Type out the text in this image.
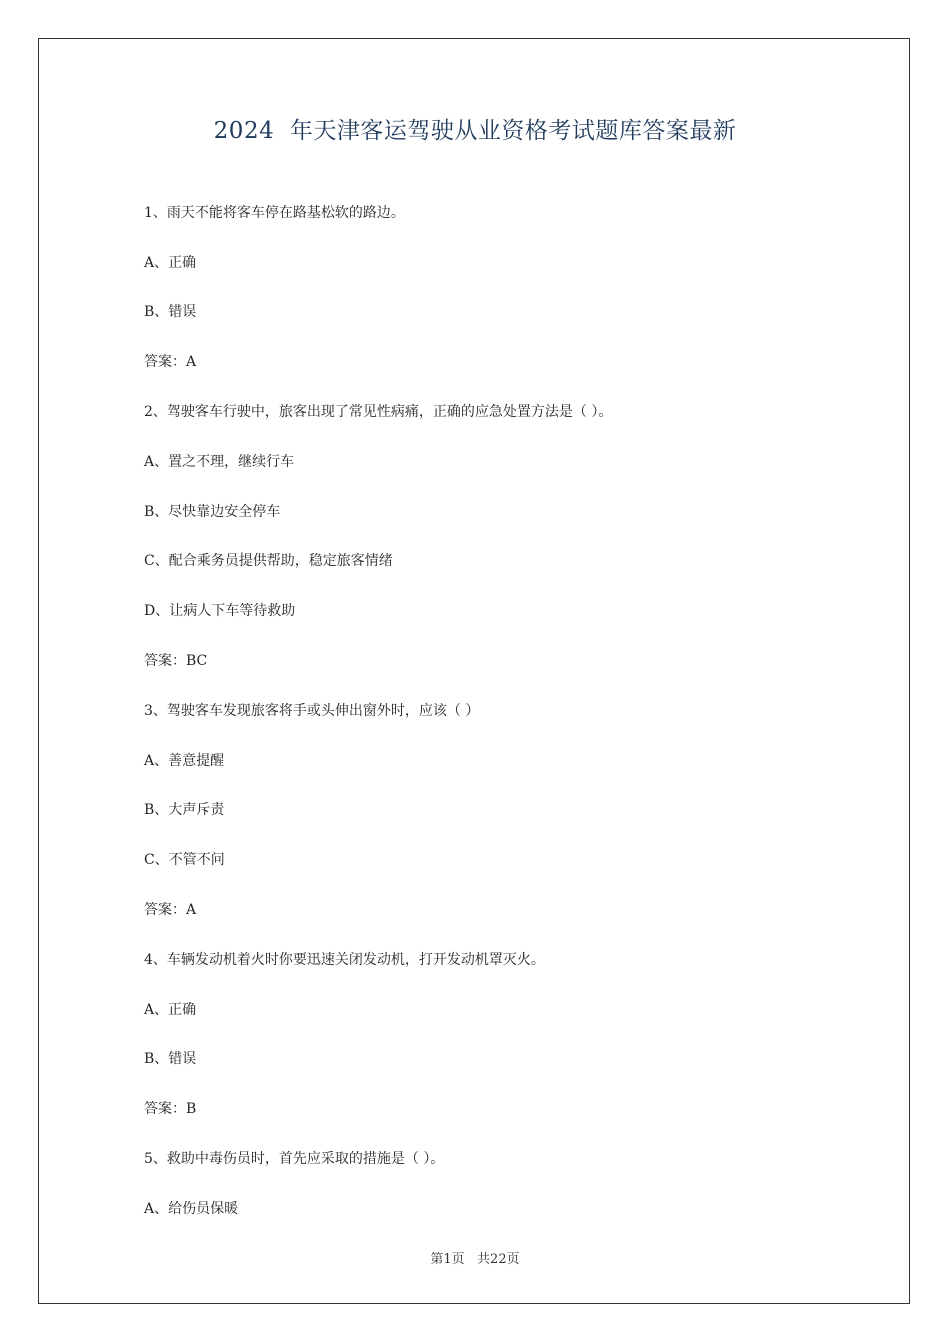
2024  年天津客运驾驶从业资格考试题库答案最新
1、雨天不能将客车停在路基松软的路边。
A、正确
B、错误
答案：A
2、驾驶客车行驶中，旅客出现了常见性病痛，正确的应急处置方法是（ ）。
A、置之不理，继续行车
B、尽快靠边安全停车
C、配合乘务员提供帮助，稳定旅客情绪
D、让病人下车等待救助
答案：BC
3、驾驶客车发现旅客将手或头伸出窗外时，应该（ ）
A、善意提醒
B、大声斥责
C、不管不问
答案：A
4、车辆发动机着火时你要迅速关闭发动机，打开发动机罩灭火。
A、正确
B、错误
答案：B
5、救助中毒伤员时，首先应采取的措施是（ ）。
A、给伤员保暖
第1页   共22页
